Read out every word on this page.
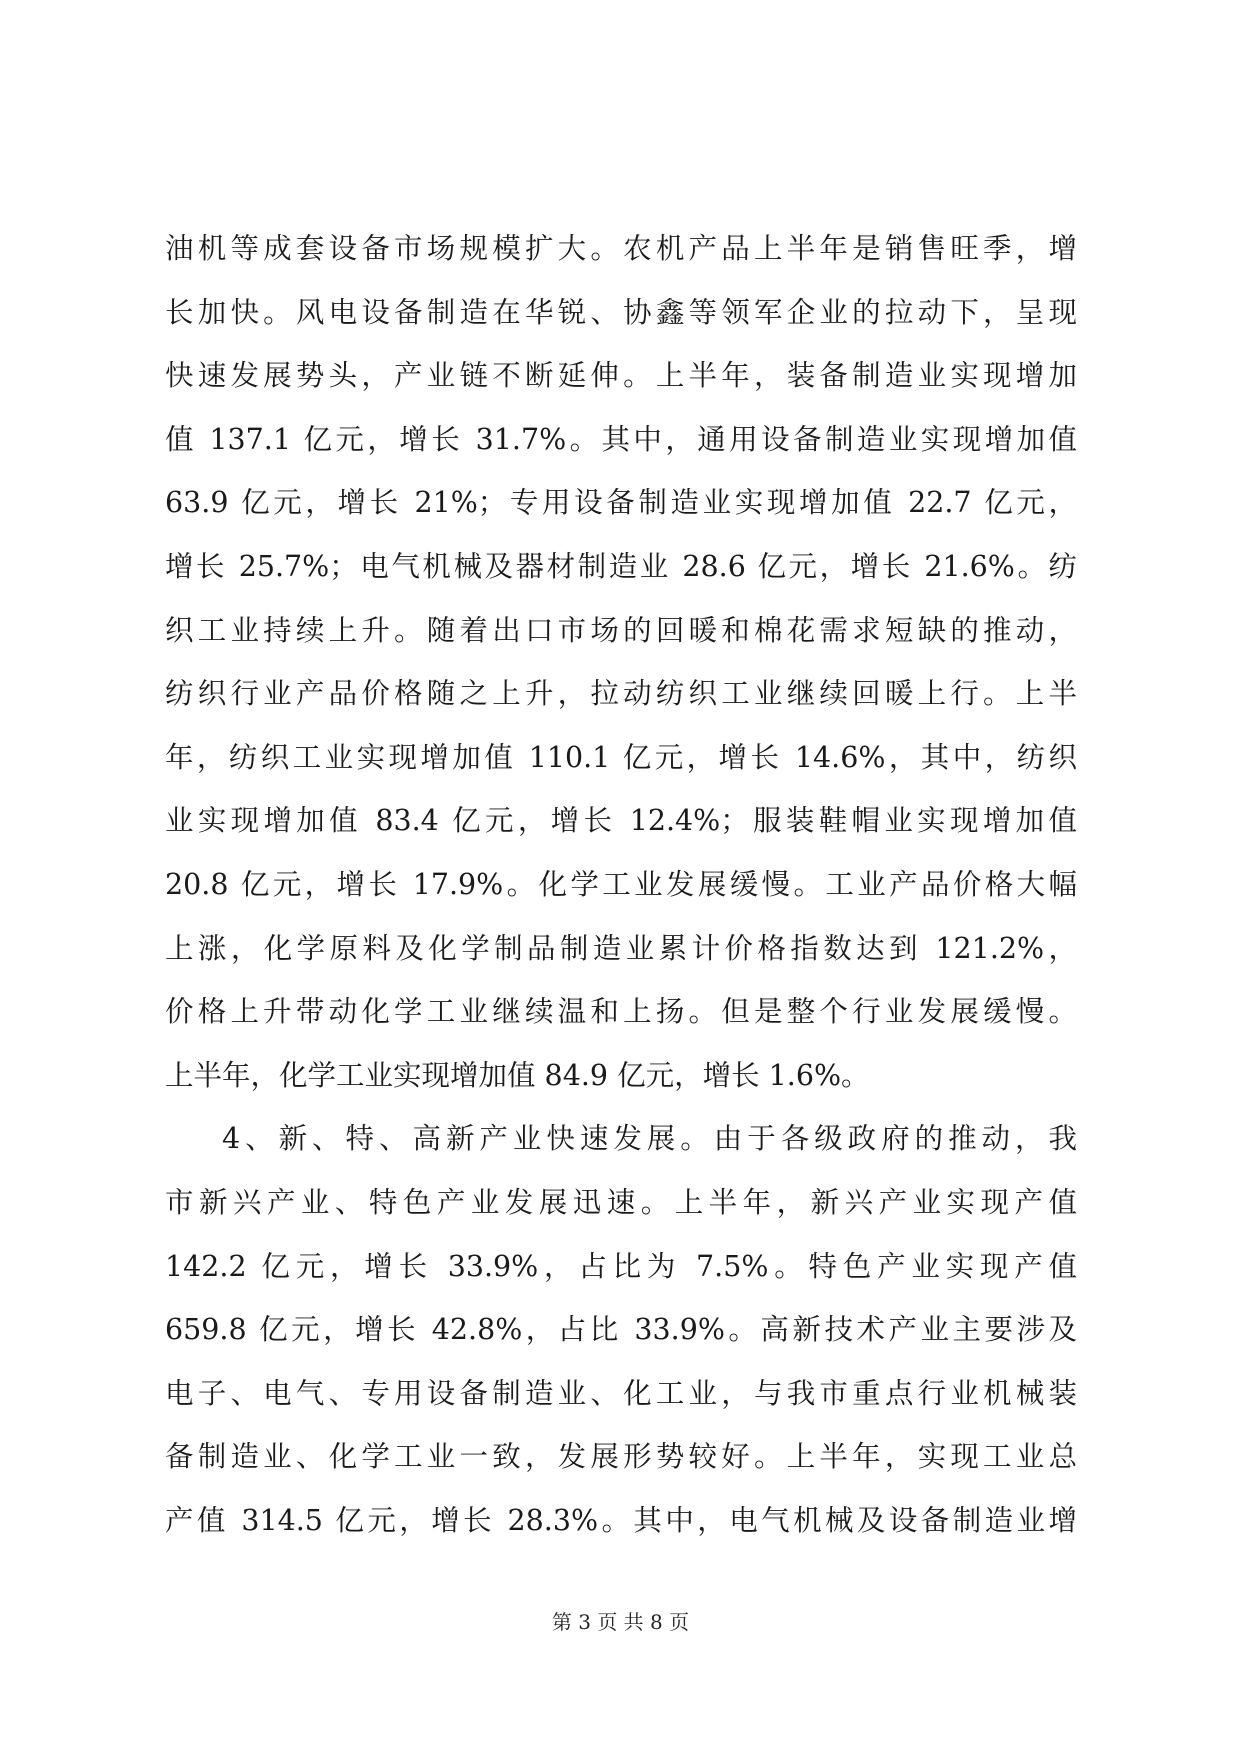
油机等成套设备市场规模扩大。农机产品上半年是销售旺季，增
长加快。风电设备制造在华锐、协鑫等领军企业的拉动下，呈现
快速发展势头，产业链不断延伸。上半年，装备制造业实现增加
值 137.1 亿元，增长 31.7%。其中，通用设备制造业实现增加值
63.9 亿元，增长 21%；专用设备制造业实现增加值 22.7 亿元，
增长 25.7%；电气机械及器材制造业 28.6 亿元，增长 21.6%。纺
织工业持续上升。随着出口市场的回暖和棉花需求短缺的推动，
纺织行业产品价格随之上升，拉动纺织工业继续回暖上行。上半
年，纺织工业实现增加值 110.1 亿元，增长 14.6%，其中，纺织
业实现增加值 83.4 亿元，增长 12.4%；服装鞋帽业实现增加值
20.8 亿元，增长 17.9%。化学工业发展缓慢。工业产品价格大幅
上涨，化学原料及化学制品制造业累计价格指数达到 121.2%，
价格上升带动化学工业继续温和上扬。但是整个行业发展缓慢。
上半年，化学工业实现增加值 84.9 亿元，增长 1.6%。
4、新、特、高新产业快速发展。由于各级政府的推动，我
市新兴产业、特色产业发展迅速。上半年，新兴产业实现产值
142.2 亿元，增长 33.9%，占比为 7.5%。特色产业实现产值
659.8 亿元，增长 42.8%，占比 33.9%。高新技术产业主要涉及
电子、电气、专用设备制造业、化工业，与我市重点行业机械装
备制造业、化学工业一致，发展形势较好。上半年，实现工业总
产值 314.5 亿元，增长 28.3%。其中，电气机械及设备制造业增
第 3 页 共 8 页
